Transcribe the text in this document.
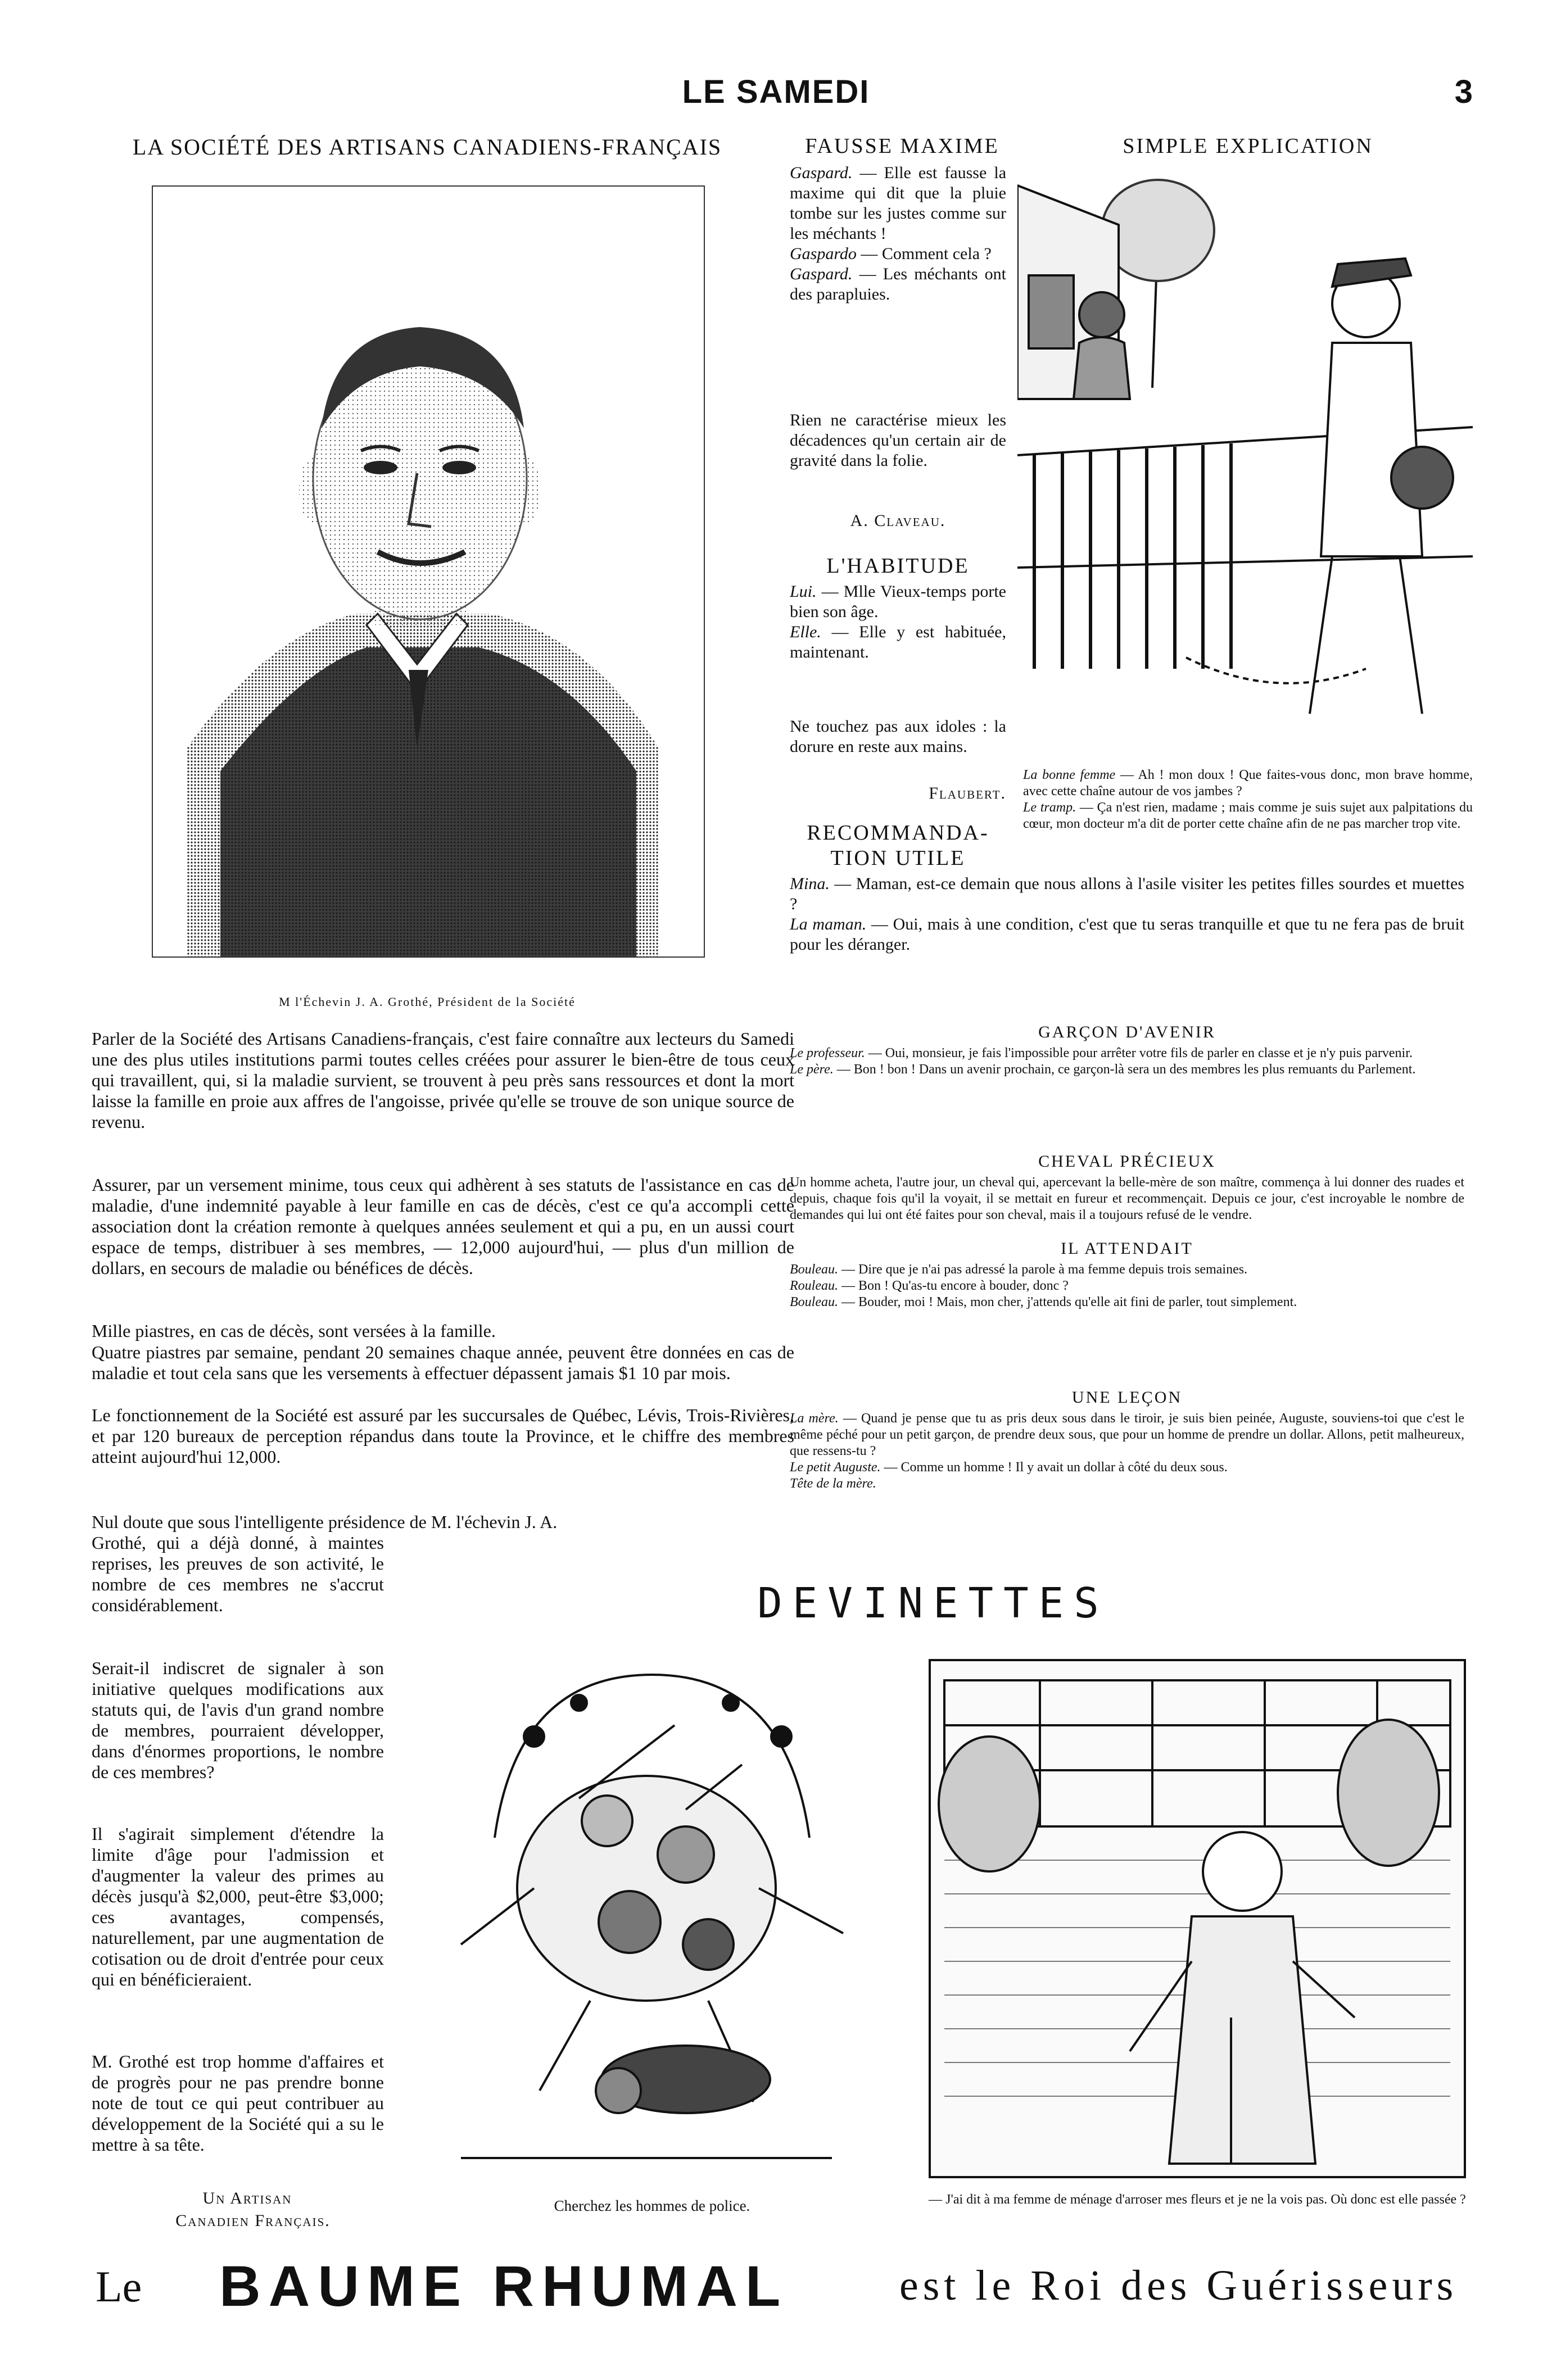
LE SAMEDI	3
LA SOCIÉTÉ DES ARTISANS CANADIENS-FRANÇAIS
M l'Échevin J. A. Grothé, Président de la Société

Parler de la Société des Artisans Canadiens-français, c'est faire connaître aux lecteurs du Samedi une des plus utiles institutions parmi toutes celles créées pour assurer le bien-être de tous ceux qui travaillent, qui, si la maladie survient, se trouvent à peu près sans ressources et dont la mort laisse la famille en proie aux affres de l'angoisse, privée qu'elle se trouve de son unique source de revenu.

Assurer, par un versement minime, tous ceux qui adhèrent à ses statuts de l'assistance en cas de maladie, d'une indemnité payable à leur famille en cas de décès, c'est ce qu'a accompli cette association dont la création remonte à quelques années seulement et qui a pu, en un aussi court espace de temps, distribuer à ses membres, — 12,000 aujourd'hui, — plus d'un million de dollars, en secours de maladie ou bénéfices de décès.

Mille piastres, en cas de décès, sont versées à la famille.

Quatre piastres par semaine, pendant 20 semaines chaque année, peuvent être données en cas de maladie et tout cela sans que les versements à effectuer dépassent jamais $1 10 par mois.

Le fonctionnement de la Société est assuré par les succursales de Québec, Lévis, Trois-Rivières, et par 120 bureaux de perception répandus dans toute la Province, et le chiffre des membres atteint aujourd'hui 12,000.

Nul doute que sous l'intelligente présidence de M. l'échevin J. A.

Grothé, qui a déjà donné, à maintes reprises, les preuves de son activité, le nombre de ces membres ne s'accrut considérablement.

Serait-il indiscret de signaler à son initiative quelques modifications aux statuts qui, de l'avis d'un grand nombre de membres, pourraient développer, dans d'énormes proportions, le nombre de ces membres?

Il s'agirait simplement d'étendre la limite d'âge pour l'admission et d'augmenter la valeur des primes au décès jusqu'à $2,000, peut-être $3,000; ces avantages, compensés, naturellement, par une augmentation de cotisation ou de droit d'entrée pour ceux qui en bénéficieraient.

M. Grothé est trop homme d'affaires et de progrès pour ne pas prendre bonne note de tout ce qui peut contribuer au développement de la Société qui a su le mettre à sa tête.

Un Artisan
Canadien Français.
FAUSSE MAXIME

Gaspard. — Elle est fausse la maxime qui dit que la pluie tombe sur les justes comme sur les méchants !
Gaspardo — Comment cela ?
Gaspard. — Les méchants ont des parapluies.

Rien ne caractérise mieux les décadences qu'un certain air de gravité dans la folie.

A. Claveau.
L'HABITUDE

Lui. — Mlle Vieux-temps porte bien son âge.
Elle. — Elle y est habituée, maintenant.

Ne touchez pas aux idoles : la dorure en reste aux mains.

Flaubert.
RECOMMANDA-
TION UTILE

Mina. — Maman, est-ce demain que nous allons à l'asile visiter les petites filles sourdes et muettes ?
La maman. — Oui, mais à une condition, c'est que tu seras tranquille et que tu ne fera pas de bruit pour les déranger.

SIMPLE EXPLICATION

La bonne femme — Ah ! mon doux ! Que faites-vous donc, mon brave homme, avec cette chaîne autour de vos jambes ?
Le tramp. — Ça n'est rien, madame ; mais comme je suis sujet aux palpitations du cœur, mon docteur m'a dit de porter cette chaîne afin de ne pas marcher trop vite.

GARÇON D'AVENIR

Le professeur. — Oui, monsieur, je fais l'impossible pour arrêter votre fils de parler en classe et je n'y puis parvenir.
Le père. — Bon ! bon ! Dans un avenir prochain, ce garçon-là sera un des membres les plus remuants du Parlement.

CHEVAL PRÉCIEUX

Un homme acheta, l'autre jour, un cheval qui, apercevant la belle-mère de son maître, commença à lui donner des ruades et depuis, chaque fois qu'il la voyait, il se mettait en fureur et recommençait. Depuis ce jour, c'est incroyable le nombre de demandes qui lui ont été faites pour son cheval, mais il a toujours refusé de le vendre.

IL ATTENDAIT

Bouleau. — Dire que je n'ai pas adressé la parole à ma femme depuis trois semaines.
Rouleau. — Bon ! Qu'as-tu encore à bouder, donc ?
Bouleau. — Bouder, moi ! Mais, mon cher, j'attends qu'elle ait fini de parler, tout simplement.

UNE LEÇON

La mère. — Quand je pense que tu as pris deux sous dans le tiroir, je suis bien peinée, Auguste, souviens-toi que c'est le même péché pour un petit garçon, de prendre deux sous, que pour un homme de prendre un dollar. Allons, petit malheureux, que ressens-tu ?
Le petit Auguste. — Comme un homme ! Il y avait un dollar à côté du deux sous.
Tête de la mère.

DEVINETTES
Cherchez les hommes de police.	— J'ai dit à ma femme de ménage d'arroser mes fleurs et je ne la vois pas. Où donc est elle passée ?
Le BAUME RHUMAL	est le Roi des Guérisseurs
